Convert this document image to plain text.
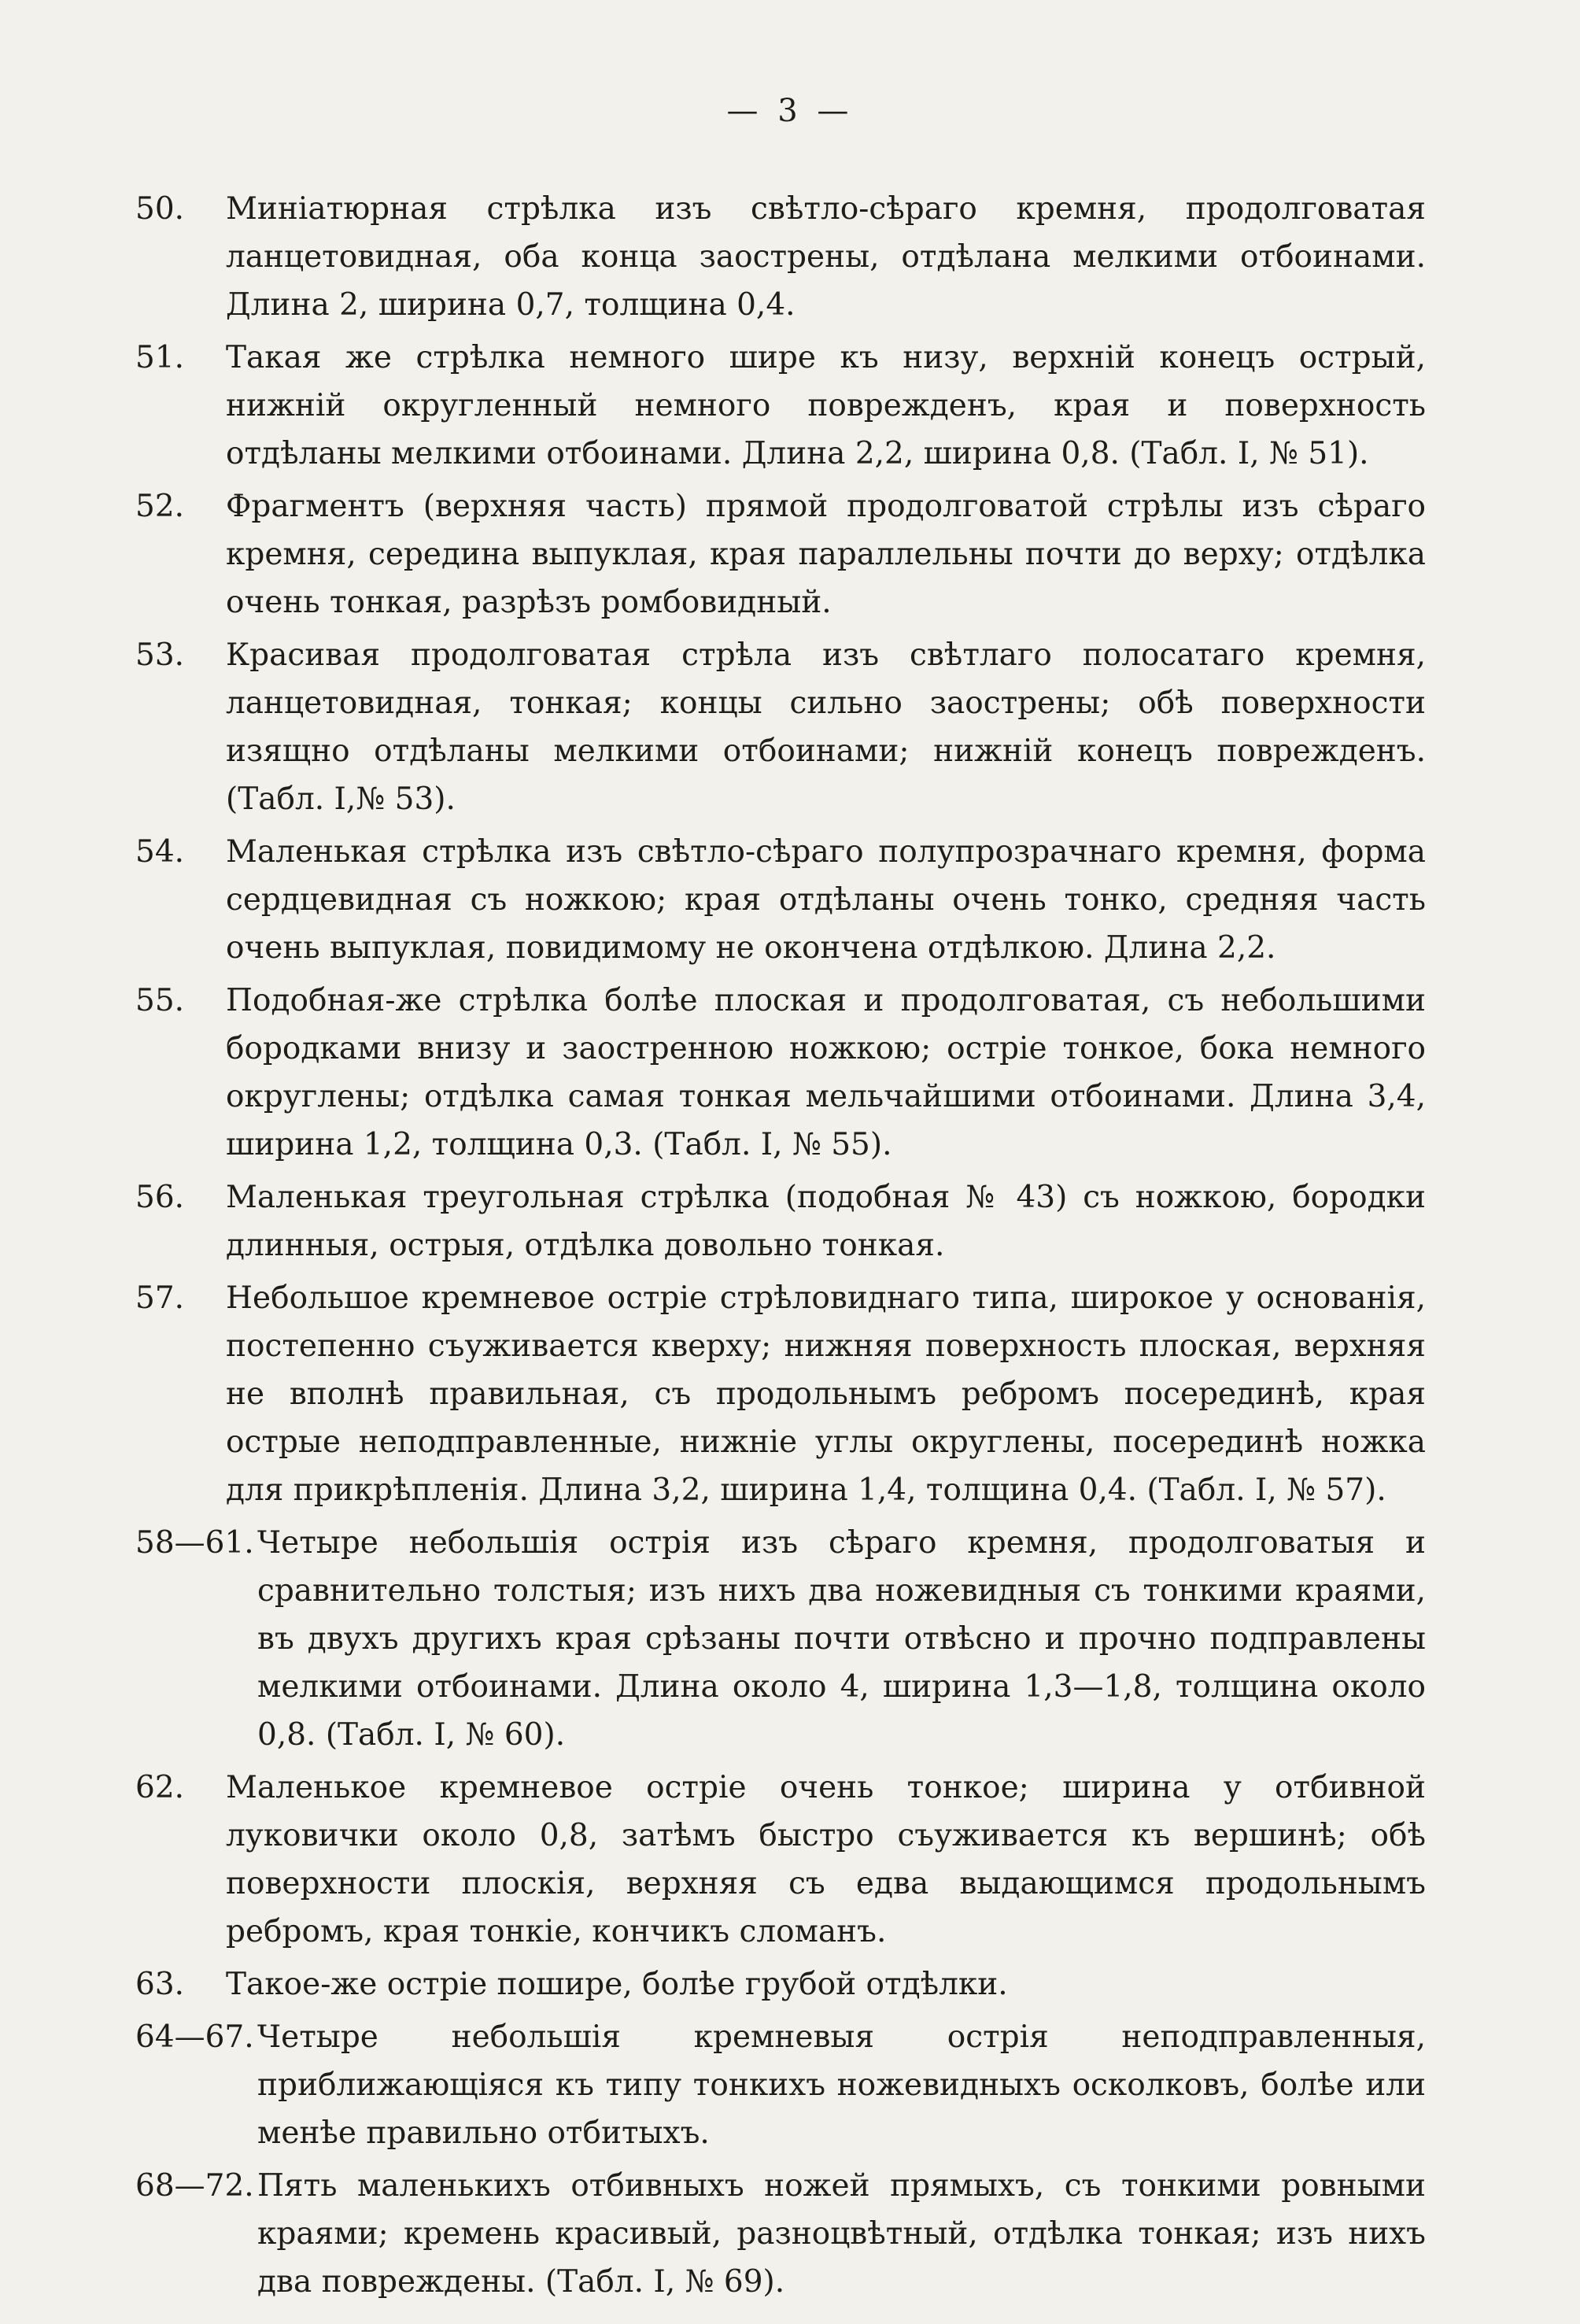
— 3 —
50. Миніатюрная стрѣлка изъ свѣтло-сѣраго кремня, продолговатая ланцетовидная, оба конца заострены, отдѣлана мелкими отбоинами. Длина 2, ширина 0,7, толщина 0,4.
51. Такая же стрѣлка немного шире къ низу, верхній конецъ острый, нижній округленный немного поврежденъ, края и поверхность отдѣланы мелкими отбоинами. Длина 2,2, ширина 0,8. (Табл. I, № 51).
52. Фрагментъ (верхняя часть) прямой продолговатой стрѣлы изъ сѣраго кремня, середина выпуклая, края параллельны почти до верху; отдѣлка очень тонкая, разрѣзъ ромбовидный.
53. Красивая продолговатая стрѣла изъ свѣтлаго полосатаго кремня, ланцетовидная, тонкая; концы сильно заострены; обѣ поверхности изящно отдѣланы мелкими отбоинами; нижній конецъ поврежденъ. (Табл. I,№ 53).
54. Маленькая стрѣлка изъ свѣтло-сѣраго полупрозрачнаго кремня, форма сердцевидная съ ножкою; края отдѣланы очень тонко, средняя часть очень выпуклая, повидимому не окончена отдѣлкою. Длина 2,2.
55. Подобная-же стрѣлка болѣе плоская и продолговатая, съ небольшими бородками внизу и заостренною ножкою; острiе тонкое, бока немного округлены; отдѣлка самая тонкая мельчайшими отбоинами. Длина 3,4, ширина 1,2, толщина 0,3. (Табл. I, № 55).
56. Маленькая треугольная стрѣлка (подобная № 43) съ ножкою, бородки длинныя, острыя, отдѣлка довольно тонкая.
57. Небольшое кремневое острiе стрѣловиднаго типа, широкое у основанiя, постепенно съуживается кверху; нижняя поверхность плоская, верхняя не вполнѣ правильная, съ продольнымъ ребромъ посерединѣ, края острые неподправленные, нижнiе углы округлены, посерединѣ ножка для прикрѣпленiя. Длина 3,2, ширина 1,4, толщина 0,4. (Табл. I, № 57).
58—61. Четыре небольшiя острiя изъ сѣраго кремня, продолговатыя и сравнительно толстыя; изъ нихъ два ножевидныя съ тонкими краями, въ двухъ другихъ края срѣзаны почти отвѣсно и прочно подправлены мелкими отбоинами. Длина около 4, ширина 1,3—1,8, толщина около 0,8. (Табл. I, № 60).
62. Маленькое кремневое острiе очень тонкое; ширина у отбивной луковички около 0,8, затѣмъ быстро съуживается къ вершинѣ; обѣ поверхности плоскiя, верхняя съ едва выдающимся продольнымъ ребромъ, края тонкiе, кончикъ сломанъ.
63. Такое-же острiе пошире, болѣе грубой отдѣлки.
64—67. Четыре небольшiя кремневыя острiя неподправленныя, приближающiяся къ типу тонкихъ ножевидныхъ осколковъ, болѣе или менѣе правильно отбитыхъ.
68—72. Пять маленькихъ отбивныхъ ножей прямыхъ, съ тонкими ровными краями; кремень красивый, разноцвѣтный, отдѣлка тонкая; изъ нихъ два повреждены. (Табл. I, № 69).
